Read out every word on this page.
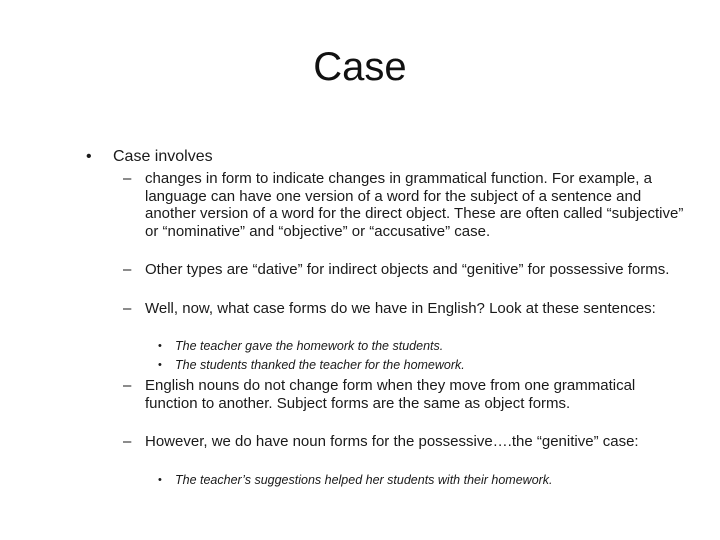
Case
• Case involves
– changes in form to indicate changes in grammatical function. For example, a language can have one version of a word for the subject of a sentence and another version of a word for the direct object. These are often called “subjective” or “nominative” and “objective” or “accusative” case.
– Other types are “dative” for indirect objects and “genitive” for possessive forms.
– Well, now, what case forms do we have in English? Look at these sentences:
• The teacher gave the homework to the students.
• The students thanked the teacher for the homework.
– English nouns do not change form when they move from one grammatical function to another. Subject forms are the same as object forms.
– However, we do have noun forms for the possessive….the “genitive” case:
• The teacher’s suggestions helped her students with their homework.
